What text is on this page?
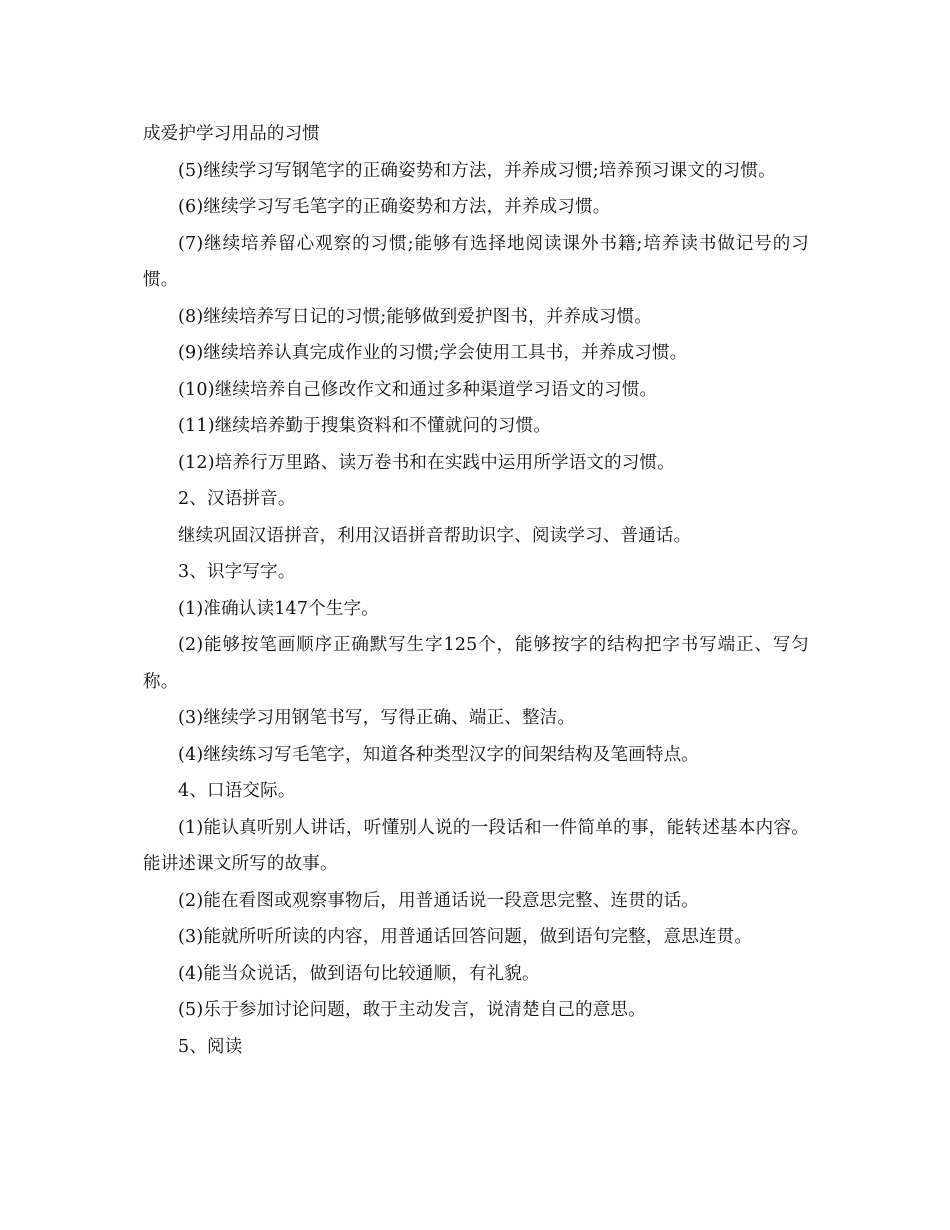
成爱护学习用品的习惯

(5)继续学习写钢笔字的正确姿势和方法，并养成习惯;培养预习课文的习惯。

(6)继续学习写毛笔字的正确姿势和方法，并养成习惯。

(7)继续培养留心观察的习惯;能够有选择地阅读课外书籍;培养读书做记号的习惯。

(8)继续培养写日记的习惯;能够做到爱护图书，并养成习惯。

(9)继续培养认真完成作业的习惯;学会使用工具书，并养成习惯。

(10)继续培养自己修改作文和通过多种渠道学习语文的习惯。

(11)继续培养勤于搜集资料和不懂就问的习惯。

(12)培养行万里路、读万卷书和在实践中运用所学语文的习惯。

2、汉语拼音。

继续巩固汉语拼音，利用汉语拼音帮助识字、阅读学习、普通话。

3、识字写字。

(1)准确认读147个生字。

(2)能够按笔画顺序正确默写生字125个，能够按字的结构把字书写端正、写匀称。

(3)继续学习用钢笔书写，写得正确、端正、整洁。

(4)继续练习写毛笔字，知道各种类型汉字的间架结构及笔画特点。

4、口语交际。

(1)能认真听别人讲话，听懂别人说的一段话和一件简单的事，能转述基本内容。能讲述课文所写的故事。

(2)能在看图或观察事物后，用普通话说一段意思完整、连贯的话。

(3)能就所听所读的内容，用普通话回答问题，做到语句完整，意思连贯。

(4)能当众说话，做到语句比较通顺，有礼貌。

(5)乐于参加讨论问题，敢于主动发言，说清楚自己的意思。

5、阅读
